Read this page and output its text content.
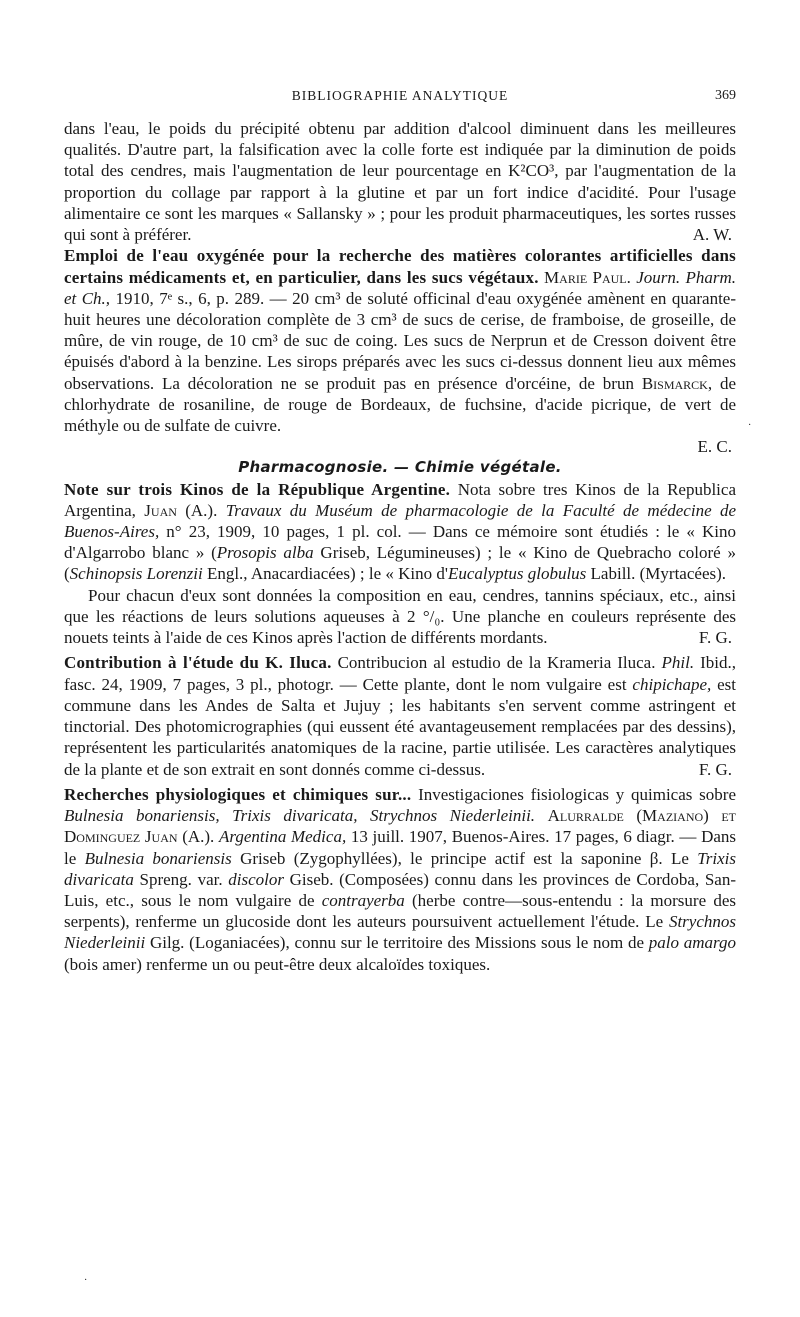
BIBLIOGRAPHIE ANALYTIQUE	369

dans l'eau, le poids du précipité obtenu par addition d'alcool diminuent dans les meilleures qualités. D'autre part, la falsification avec la colle forte est indiquée par la diminution de poids total des cendres, mais l'augmentation de leur pourcentage en K²CO³, par l'augmentation de la proportion du collage par rapport à la glutine et par un fort indice d'acidité. Pour l'usage alimentaire ce sont les marques « Sallansky » ; pour les produit pharmaceutiques, les sortes russes qui sont à préférer.	A. W.

Emploi de l'eau oxygénée pour la recherche des matières colorantes artificielles dans certains médicaments et, en particulier, dans les sucs végétaux. Marie Paul. Journ. Pharm. et Ch., 1910, 7ᵉ s., 6, p. 289. — 20 cm³ de soluté officinal d'eau oxygénée amènent en quarante-huit heures une décoloration complète de 3 cm³ de sucs de cerise, de framboise, de groseille, de mûre, de vin rouge, de 10 cm³ de suc de coing. Les sucs de Nerprun et de Cresson doivent être épuisés d'abord à la benzine. Les sirops préparés avec les sucs ci-dessus donnent lieu aux mêmes observations. La décoloration ne se produit pas en présence d'orcéine, de brun Bismarck, de chlorhydrate de rosaniline, de rouge de Bordeaux, de fuchsine, d'acide picrique, de vert de méthyle ou de sulfate de cuivre.

E. C.

Pharmacognosie. — Chimie végétale.

Note sur trois Kinos de la République Argentine. Nota sobre tres Kinos de la Republica Argentina, Juan (A.). Travaux du Muséum de pharmacologie de la Faculté de médecine de Buenos-Aires, n° 23, 1909, 10 pages, 1 pl. col. — Dans ce mémoire sont étudiés : le « Kino d'Algarrobo blanc » (Prosopis alba Griseb, Légumineuses) ; le « Kino de Quebracho coloré » (Schinopsis Lorenzii Engl., Anacardiacées) ; le « Kino d'Eucalyptus globulus Labill. (Myrtacées).

Pour chacun d'eux sont données la composition en eau, cendres, tannins spéciaux, etc., ainsi que les réactions de leurs solutions aqueuses à 2 °/₀. Une planche en couleurs représente des nouets teints à l'aide de ces Kinos après l'action de différents mordants.	F. G.

Contribution à l'étude du K. Iluca. Contribucion al estudio de la Krameria Iluca. Phil. Ibid., fasc. 24, 1909, 7 pages, 3 pl., photogr. — Cette plante, dont le nom vulgaire est chipichape, est commune dans les Andes de Salta et Jujuy ; les habitants s'en servent comme astringent et tinctorial. Des photomicrographies (qui eussent été avantageusement remplacées par des dessins), représentent les particularités anatomiques de la racine, partie utilisée. Les caractères analytiques de la plante et de son extrait en sont donnés comme ci-dessus.	F. G.

Recherches physiologiques et chimiques sur... Investigaciones fisiologicas y quimicas sobre Bulnesia bonariensis, Trixis divaricata, Strychnos Niederleinii. Alurralde (Maziano) et Dominguez Juan (A.). Argentina Medica, 13 juill. 1907, Buenos-Aires. 17 pages, 6 diagr. — Dans le Bulnesia bonariensis Griseb (Zygophyllées), le principe actif est la saponine β. Le Trixis divaricata Spreng. var. discolor Giseb. (Composées) connu dans les provinces de Cordoba, San-Luis, etc., sous le nom vulgaire de contrayerba (herbe contre—sous-entendu : la morsure des serpents), renferme un glucoside dont les auteurs poursuivent actuellement l'étude. Le Strychnos Niederleinii Gilg. (Loganiacées), connu sur le territoire des Missions sous le nom de palo amargo (bois amer) renferme un ou peut-être deux alcaloïdes toxiques.

·
·
